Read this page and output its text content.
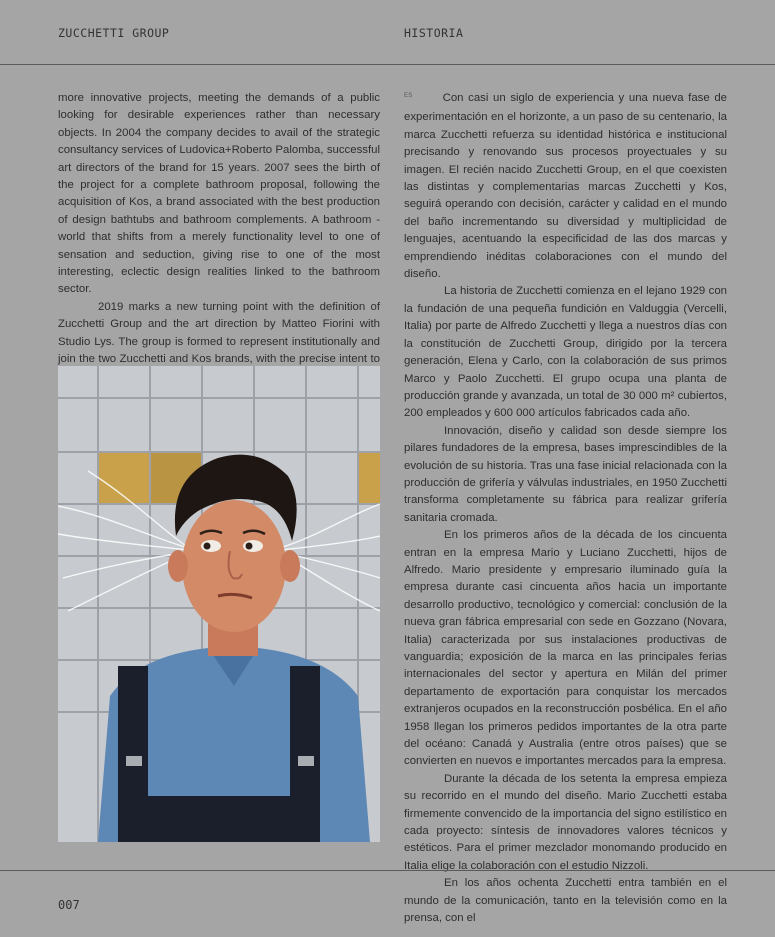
ZUCCHETTI GROUP	HISTORIA

more innovative projects, meeting the demands of a public looking for desirable experiences rather than necessary objects. In 2004 the company decides to avail of the strategic consultancy services of Ludovica+Roberto Palomba, successful art directors of the brand for 15 years. 2007 sees the birth of the project for a complete bathroom proposal, following the acquisition of Kos, a brand associated with the best production of design bathtubs and bathroom complements. A bathroom - world that shifts from a merely functionality level to one of sensation and seduction, giving rise to one of the most interesting, eclectic design realities linked to the bathroom sector.

2019 marks a new turning point with the definition of Zucchetti Group and the art direction by Matteo Fiorini with Studio Lys. The group is formed to represent institutionally and join the two Zucchetti and Kos brands, with the precise intent to

$^{ES}$	Con casi un siglo de experiencia y una nueva fase de experimentación en el horizonte, a un paso de su centenario, la marca Zucchetti refuerza su identidad histórica e institucional precisando y renovando sus procesos proyectuales y su imagen. El recién nacido Zucchetti Group, en el que coexisten las distintas y complementarias marcas Zucchetti y Kos, seguirá operando con decisión, carácter y calidad en el mundo del baño incrementando su diversidad y multiplicidad de lenguajes, acentuando la especificidad de las dos marcas y emprendiendo inéditas colaboraciones con el mundo del diseño.

La historia de Zucchetti comienza en el lejano 1929 con la fundación de una pequeña fundición en Valduggia (Vercelli, Italia) por parte de Alfredo Zucchetti y llega a nuestros días con la constitución de Zucchetti Group, dirigido por la tercera generación, Elena y Carlo, con la colaboración de sus primos Marco y Paolo Zucchetti. El grupo ocupa una planta de producción grande y avanzada, un total de 30 000 m² cubiertos, 200 empleados y 600 000 artículos fabricados cada año.

Innovación, diseño y calidad son desde siempre los pilares fundadores de la empresa, bases imprescindibles de la evolución de su historia. Tras una fase inicial relacionada con la producción de grifería y válvulas industriales, en 1950 Zucchetti transforma completamente su fábrica para realizar grifería sanitaria cromada.

En los primeros años de la década de los cincuenta entran en la empresa Mario y Luciano Zucchetti, hijos de Alfredo. Mario presidente y empresario iluminado guía la empresa durante casi cincuenta años hacia un importante desarrollo productivo, tecnológico y comercial: conclusión de la nueva gran fábrica empresarial con sede en Gozzano (Novara, Italia) caracterizada por sus instalaciones productivas de vanguardia; exposición de la marca en las principales ferias internacionales del sector y apertura en Milán del primer departamento de exportación para conquistar los mercados extranjeros ocupados en la reconstrucción posbélica. En el año 1958 llegan los primeros pedidos importantes de la otra parte del océano: Canadá y Australia (entre otros países) que se convierten en nuevos e importantes mercados para la empresa.

Durante la década de los setenta la empresa empieza su recorrido en el mundo del diseño. Mario Zucchetti estaba firmemente convencido de la importancia del signo estilístico en cada proyecto: síntesis de innovadores valores técnicos y estéticos. Para el primer mezclador monomando producido en Italia elige la colaboración con el estudio Nizzoli.

En los años ochenta Zucchetti entra también en el mundo de la comunicación, tanto en la televisión como en la prensa, con el

007
